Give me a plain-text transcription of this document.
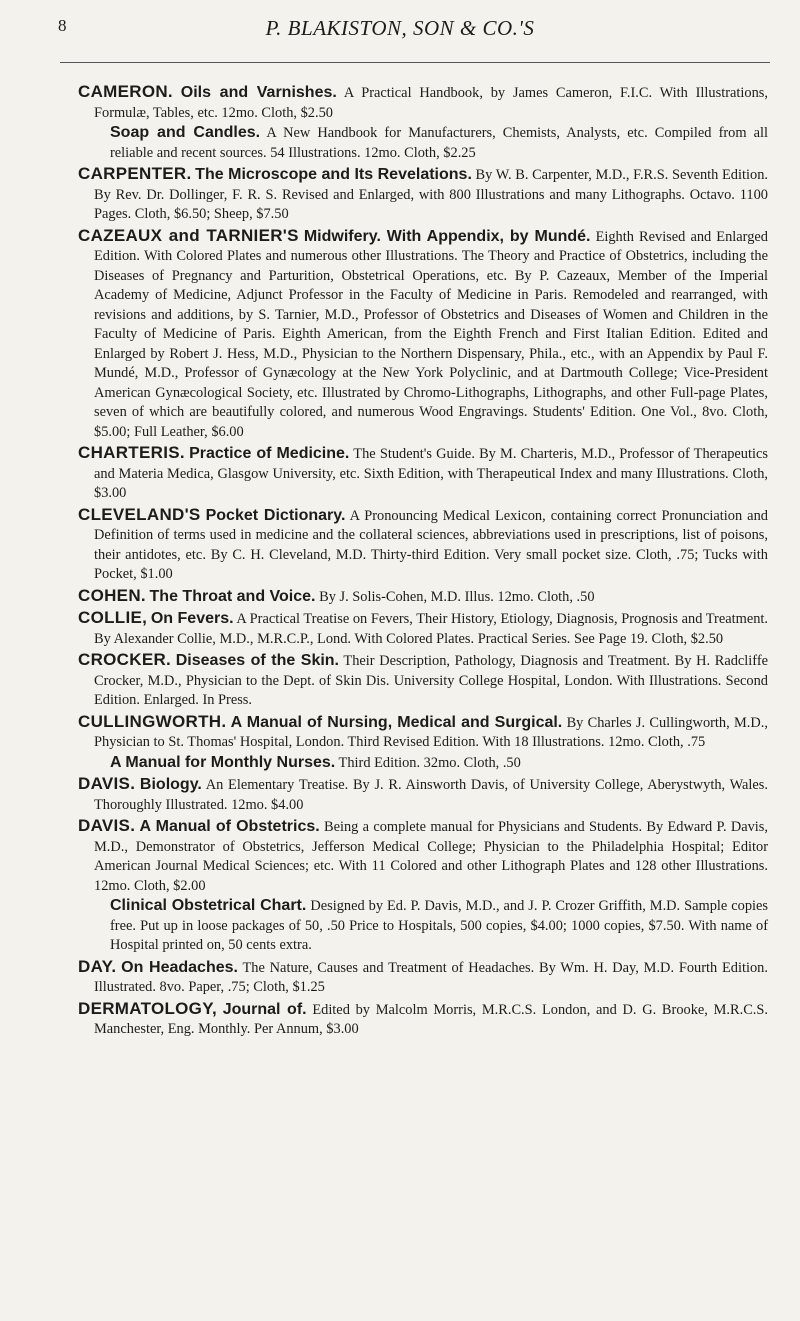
8	P. BLAKISTON, SON & CO.'S

CAMERON. Oils and Varnishes. A Practical Handbook, by James Cameron, F.I.C. With Illustrations, Formulæ, Tables, etc. 12mo. Cloth, $2.50
Soap and Candles. A New Handbook for Manufacturers, Chemists, Analysts, etc. Compiled from all reliable and recent sources. 54 Illustrations. 12mo. Cloth, $2.25

CARPENTER. The Microscope and Its Revelations. By W. B. Carpenter, M.D., F.R.S. Seventh Edition. By Rev. Dr. Dollinger, F. R. S. Revised and Enlarged, with 800 Illustrations and many Lithographs. Octavo. 1100 Pages. Cloth, $6.50; Sheep, $7.50

CAZEAUX and TARNIER'S Midwifery. With Appendix, by Mundé. Eighth Revised and Enlarged Edition. With Colored Plates and numerous other Illustrations. The Theory and Practice of Obstetrics, including the Diseases of Pregnancy and Parturition, Obstetrical Operations, etc. By P. Cazeaux, Member of the Imperial Academy of Medicine, Adjunct Professor in the Faculty of Medicine in Paris. Remodeled and rearranged, with revisions and additions, by S. Tarnier, M.D., Professor of Obstetrics and Diseases of Women and Children in the Faculty of Medicine of Paris. Eighth American, from the Eighth French and First Italian Edition. Edited and Enlarged by Robert J. Hess, M.D., Physician to the Northern Dispensary, Phila., etc., with an Appendix by Paul F. Mundé, M.D., Professor of Gynæcology at the New York Polyclinic, and at Dartmouth College; Vice-President American Gynæcological Society, etc. Illustrated by Chromo-Lithographs, Lithographs, and other Full-page Plates, seven of which are beautifully colored, and numerous Wood Engravings. Students' Edition. One Vol., 8vo. Cloth, $5.00; Full Leather, $6.00

CHARTERIS. Practice of Medicine. The Student's Guide. By M. Charteris, M.D., Professor of Therapeutics and Materia Medica, Glasgow University, etc. Sixth Edition, with Therapeutical Index and many Illustrations. Cloth, $3.00

CLEVELAND'S Pocket Dictionary. A Pronouncing Medical Lexicon, containing correct Pronunciation and Definition of terms used in medicine and the collateral sciences, abbreviations used in prescriptions, list of poisons, their antidotes, etc. By C. H. Cleveland, M.D. Thirty-third Edition. Very small pocket size. Cloth, .75; Tucks with Pocket, $1.00

COHEN. The Throat and Voice. By J. Solis-Cohen, M.D. Illus. 12mo. Cloth, .50

COLLIE, On Fevers. A Practical Treatise on Fevers, Their History, Etiology, Diagnosis, Prognosis and Treatment. By Alexander Collie, M.D., M.R.C.P., Lond. With Colored Plates. Practical Series. See Page 19. Cloth, $2.50

CROCKER. Diseases of the Skin. Their Description, Pathology, Diagnosis and Treatment. By H. Radcliffe Crocker, M.D., Physician to the Dept. of Skin Dis. University College Hospital, London. With Illustrations. Second Edition. Enlarged. In Press.

CULLINGWORTH. A Manual of Nursing, Medical and Surgical. By Charles J. Cullingworth, M.D., Physician to St. Thomas' Hospital, London. Third Revised Edition. With 18 Illustrations. 12mo. Cloth, .75
A Manual for Monthly Nurses. Third Edition. 32mo. Cloth, .50

DAVIS. Biology. An Elementary Treatise. By J. R. Ainsworth Davis, of University College, Aberystwyth, Wales. Thoroughly Illustrated. 12mo. $4.00

DAVIS. A Manual of Obstetrics. Being a complete manual for Physicians and Students. By Edward P. Davis, M.D., Demonstrator of Obstetrics, Jefferson Medical College; Physician to the Philadelphia Hospital; Editor American Journal Medical Sciences; etc. With 11 Colored and other Lithograph Plates and 128 other Illustrations. 12mo. Cloth, $2.00
Clinical Obstetrical Chart. Designed by Ed. P. Davis, M.D., and J. P. Crozer Griffith, M.D. Sample copies free. Put up in loose packages of 50, .50 Price to Hospitals, 500 copies, $4.00; 1000 copies, $7.50. With name of Hospital printed on, 50 cents extra.

DAY. On Headaches. The Nature, Causes and Treatment of Headaches. By Wm. H. Day, M.D. Fourth Edition. Illustrated. 8vo. Paper, .75; Cloth, $1.25

DERMATOLOGY, Journal of. Edited by Malcolm Morris, M.R.C.S. London, and D. G. Brooke, M.R.C.S. Manchester, Eng. Monthly. Per Annum, $3.00
